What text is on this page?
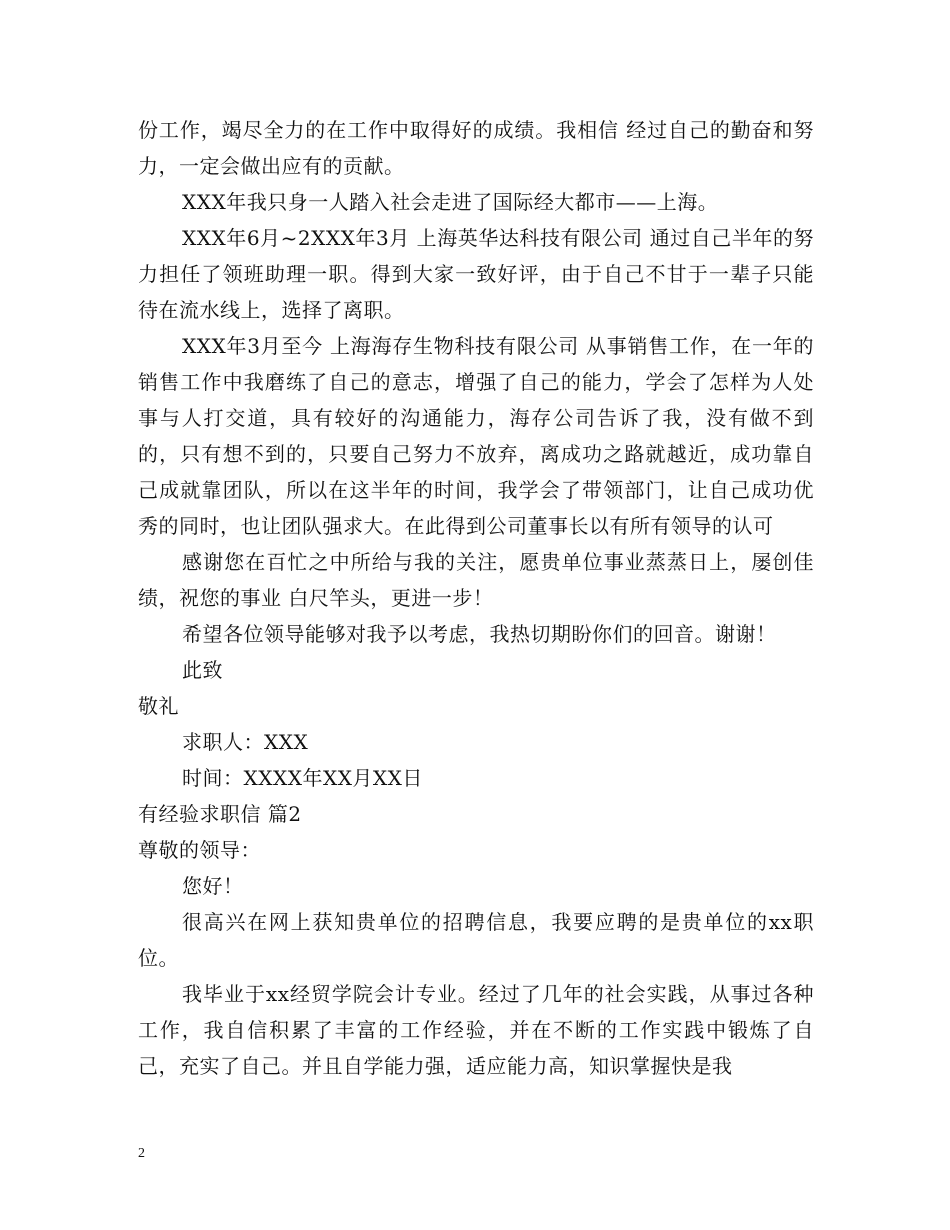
份工作，竭尽全力的在工作中取得好的成绩。我相信 经过自己的勤奋和努力，一定会做出应有的贡献。

XXX年我只身一人踏入社会走进了国际经大都市——上海。

XXX年6月~2XXX年3月 上海英华达科技有限公司 通过自己半年的努力担任了领班助理一职。得到大家一致好评，由于自己不甘于一辈子只能待在流水线上，选择了离职。

XXX年3月至今 上海海存生物科技有限公司 从事销售工作，在一年的销售工作中我磨练了自己的意志，增强了自己的能力，学会了怎样为人处事与人打交道，具有较好的沟通能力，海存公司告诉了我，没有做不到的，只有想不到的，只要自己努力不放弃，离成功之路就越近，成功靠自己成就靠团队，所以在这半年的时间，我学会了带领部门，让自己成功优秀的同时，也让团队强求大。在此得到公司董事长以有所有领导的认可

感谢您在百忙之中所给与我的关注，愿贵单位事业蒸蒸日上，屡创佳绩，祝您的事业 白尺竿头，更进一步！

希望各位领导能够对我予以考虑，我热切期盼你们的回音。谢谢！

此致

敬礼

求职人：XXX

时间：XXXX年XX月XX日

有经验求职信 篇2

尊敬的领导：

您好！

很高兴在网上获知贵单位的招聘信息，我要应聘的是贵单位的xx职位。

我毕业于xx经贸学院会计专业。经过了几年的社会实践，从事过各种工作，我自信积累了丰富的工作经验，并在不断的工作实践中锻炼了自己，充实了自己。并且自学能力强，适应能力高，知识掌握快是我

2
